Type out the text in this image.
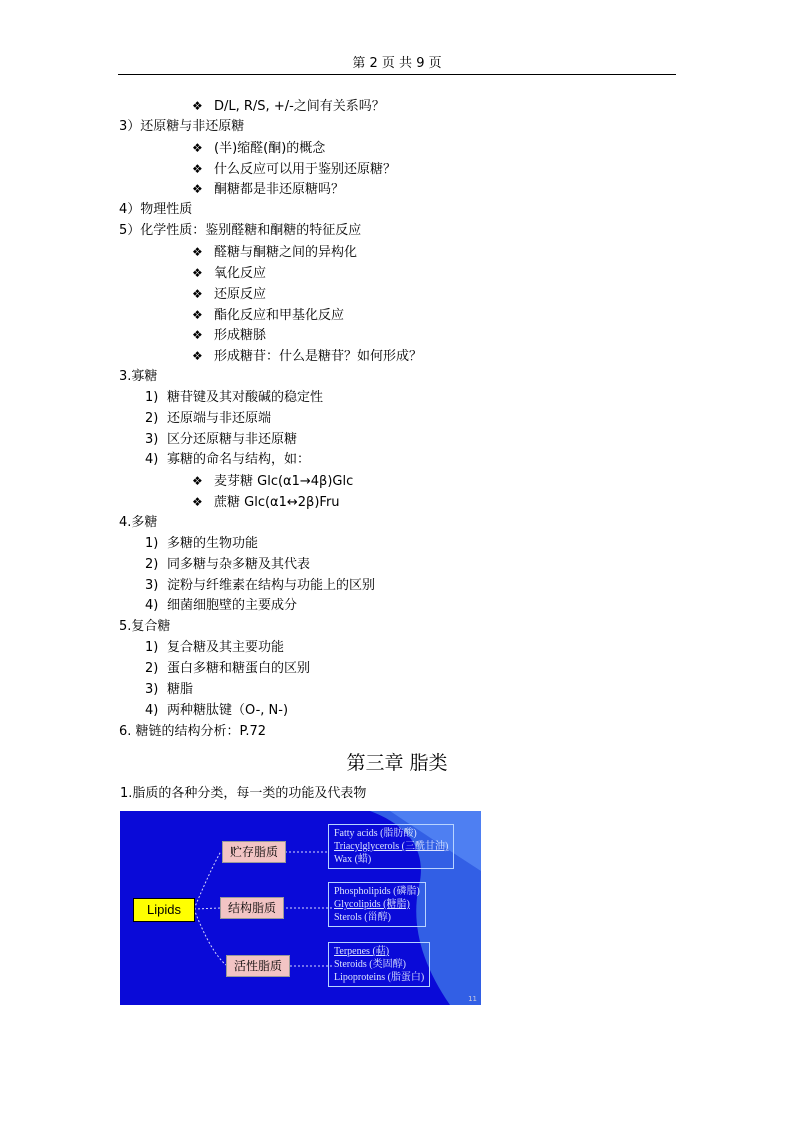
第 2 页 共 9 页
❖ D/L, R/S, +/-之间有关系吗？
3）还原糖与非还原糖
❖ (半)缩醛(酮)的概念
❖ 什么反应可以用于鉴别还原糖？
❖ 酮糖都是非还原糖吗？
4）物理性质
5）化学性质：鉴别醛糖和酮糖的特征反应
❖ 醛糖与酮糖之间的异构化
❖ 氧化反应
❖ 还原反应
❖ 酯化反应和甲基化反应
❖ 形成糖脎
❖ 形成糖苷：什么是糖苷？如何形成？
3.寡糖
1) 糖苷键及其对酸碱的稳定性
2) 还原端与非还原端
3) 区分还原糖与非还原糖
4) 寡糖的命名与结构，如：
❖ 麦芽糖 Glc(α1→4β)Glc
❖ 蔗糖 Glc(α1↔2β)Fru
4.多糖
1) 多糖的生物功能
2) 同多糖与杂多糖及其代表
3) 淀粉与纤维素在结构与功能上的区别
4) 细菌细胞壁的主要成分
5.复合糖
1) 复合糖及其主要功能
2) 蛋白多糖和糖蛋白的区别
3) 糖脂
4) 两种糖肽键（O-, N-)
6. 糖链的结构分析：P.72
第三章 脂类
1.脂质的各种分类，每一类的功能及代表物
Lipids
贮存脂质
结构脂质
活性脂质
Fatty acids (脂肪酸)
Triacylglycerols (三酰甘油)
Wax (蜡)
Phospholipids (磷脂)
Glycolipids (糖脂)
Sterols (甾醇)
Terpenes (萜)
Steroids (类固醇)
Lipoproteins (脂蛋白)
11
